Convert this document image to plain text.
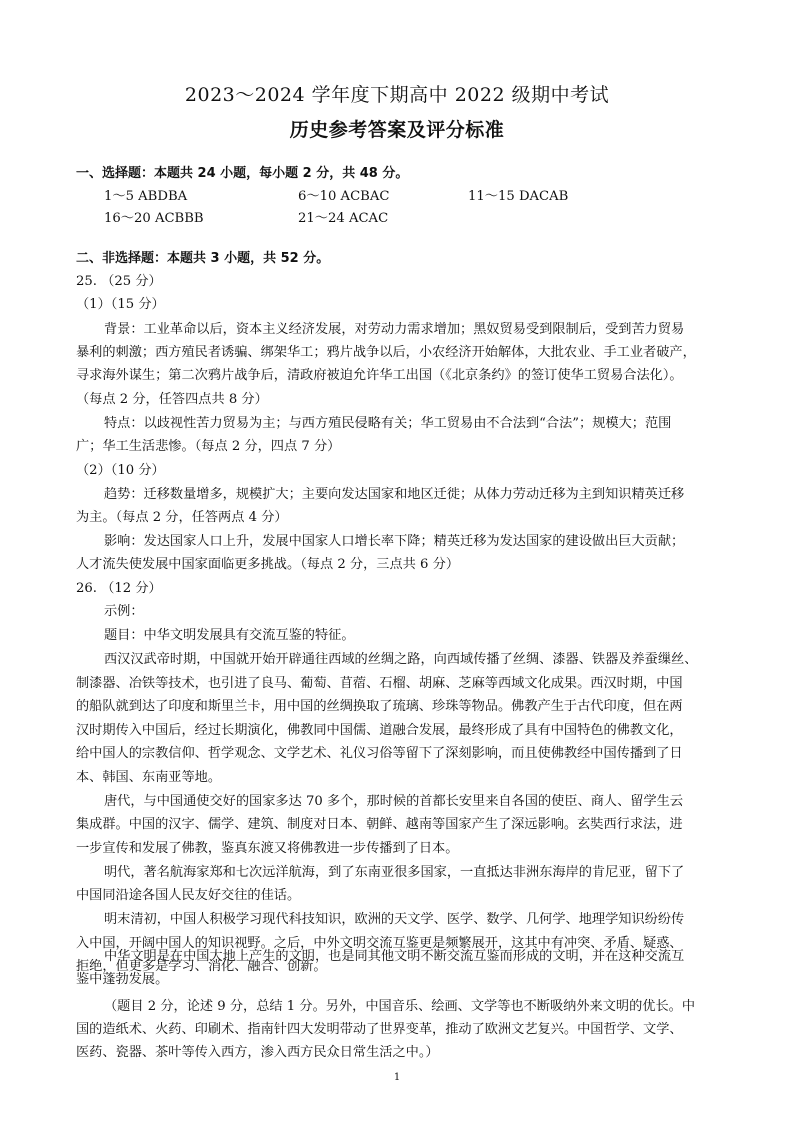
2023～2024 学年度下期高中 2022 级期中考试
历史参考答案及评分标准
一、选择题：本题共 24 小题，每小题 2 分，共 48 分。
1～5 ABDBA	6～10 ACBAC	11～15 DACAB
16～20 ACBBB	21～24 ACAC
二、非选择题：本题共 3 小题，共 52 分。
25. （25 分）
（1）（15 分）
背景：工业革命以后，资本主义经济发展，对劳动力需求增加；黑奴贸易受到限制后，受到苦力贸易
暴利的刺激；西方殖民者诱骗、绑架华工；鸦片战争以后，小农经济开始解体，大批农业、手工业者破产，
寻求海外谋生；第二次鸦片战争后，清政府被迫允许华工出国（《北京条约》的签订使华工贸易合法化）。
（每点 2 分，任答四点共 8 分）
特点：以歧视性苦力贸易为主；与西方殖民侵略有关；华工贸易由不合法到“合法”；规模大；范围
广；华工生活悲惨。（每点 2 分，四点 7 分）
（2）（10 分）
趋势：迁移数量增多，规模扩大；主要向发达国家和地区迁徙；从体力劳动迁移为主到知识精英迁移
为主。（每点 2 分，任答两点 4 分）
影响：发达国家人口上升，发展中国家人口增长率下降；精英迁移为发达国家的建设做出巨大贡献；
人才流失使发展中国家面临更多挑战。（每点 2 分，三点共 6 分）
26. （12 分）
示例：
题目：中华文明发展具有交流互鉴的特征。
西汉汉武帝时期，中国就开始开辟通往西域的丝绸之路，向西域传播了丝绸、漆器、铁器及养蚕缫丝、
制漆器、冶铁等技术，也引进了良马、葡萄、苜蓿、石榴、胡麻、芝麻等西域文化成果。西汉时期，中国
的船队就到达了印度和斯里兰卡，用中国的丝绸换取了琉璃、珍珠等物品。佛教产生于古代印度，但在两
汉时期传入中国后，经过长期演化，佛教同中国儒、道融合发展，最终形成了具有中国特色的佛教文化，
给中国人的宗教信仰、哲学观念、文学艺术、礼仪习俗等留下了深刻影响，而且使佛教经中国传播到了日
本、韩国、东南亚等地。
唐代，与中国通使交好的国家多达 70 多个，那时候的首都长安里来自各国的使臣、商人、留学生云
集成群。中国的汉字、儒学、建筑、制度对日本、朝鲜、越南等国家产生了深远影响。玄奘西行求法，进
一步宣传和发展了佛教，鉴真东渡又将佛教进一步传播到了日本。
明代，著名航海家郑和七次远洋航海，到了东南亚很多国家，一直抵达非洲东海岸的肯尼亚，留下了
中国同沿途各国人民友好交往的佳话。
明末清初，中国人积极学习现代科技知识，欧洲的天文学、医学、数学、几何学、地理学知识纷纷传
入中国，开阔中国人的知识视野。之后，中外文明交流互鉴更是频繁展开，这其中有冲突、矛盾、疑惑、
拒绝，但更多是学习、消化、融合、创新。
中华文明是在中国大地上产生的文明，也是同其他文明不断交流互鉴而形成的文明，并在这种交流互
鉴中蓬勃发展。
（题目 2 分，论述 9 分，总结 1 分。另外，中国音乐、绘画、文学等也不断吸纳外来文明的优长。中
国的造纸术、火药、印刷术、指南针四大发明带动了世界变革，推动了欧洲文艺复兴。中国哲学、文学、
医药、瓷器、茶叶等传入西方，渗入西方民众日常生活之中。）
1
